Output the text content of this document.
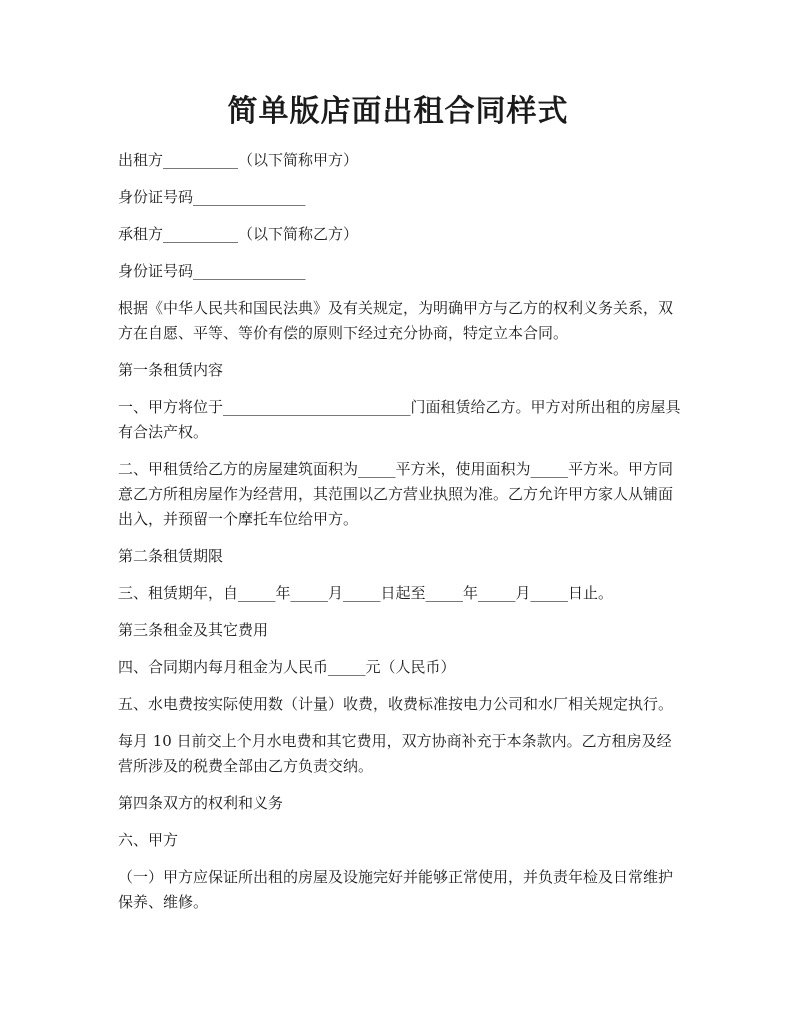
简单版店面出租合同样式

出租方__________（以下简称甲方）

身份证号码_______________

承租方__________（以下简称乙方）

身份证号码_______________

根据《中华人民共和国民法典》及有关规定，为明确甲方与乙方的权利义务关系，双方在自愿、平等、等价有偿的原则下经过充分协商，特定立本合同。

第一条租赁内容

一、甲方将位于_________________________门面租赁给乙方。甲方对所出租的房屋具有合法产权。

二、甲租赁给乙方的房屋建筑面积为_____平方米，使用面积为_____平方米。甲方同意乙方所租房屋作为经营用，其范围以乙方营业执照为准。乙方允许甲方家人从铺面出入，并预留一个摩托车位给甲方。

第二条租赁期限

三、租赁期年，自_____年_____月_____日起至_____年_____月_____日止。

第三条租金及其它费用

四、合同期内每月租金为人民币_____元（人民币）

五、水电费按实际使用数（计量）收费，收费标准按电力公司和水厂相关规定执行。

每月 10 日前交上个月水电费和其它费用，双方协商补充于本条款内。乙方租房及经营所涉及的税费全部由乙方负责交纳。

第四条双方的权利和义务

六、甲方

（一）甲方应保证所出租的房屋及设施完好并能够正常使用，并负责年检及日常维护保养、维修。
